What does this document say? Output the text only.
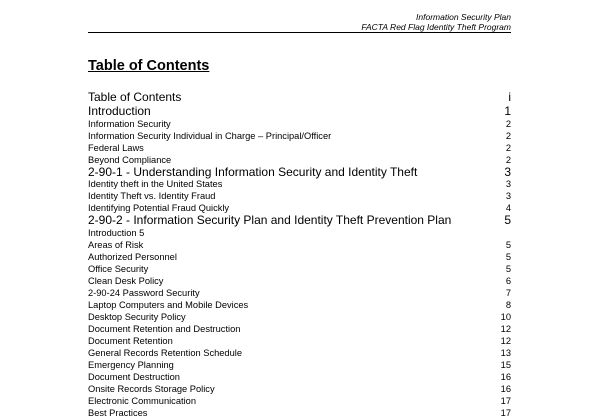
Information Security Plan
FACTA Red Flag Identity Theft Program
Table of Contents
Table of Contents	i
Introduction	1
Information Security	2
Information Security Individual in Charge – Principal/Officer	2
Federal Laws	2
Beyond Compliance	2
2-90-1 - Understanding Information Security and Identity Theft	3
Identity theft in the United States	3
Identity Theft vs. Identity Fraud	3
Identifying Potential Fraud Quickly	4
2-90-2 - Information Security Plan and Identity Theft Prevention Plan	5
Introduction 5
Areas of Risk	5
Authorized Personnel	5
Office Security	5
Clean Desk Policy	6
2-90-24 Password Security	7
Laptop Computers and Mobile Devices	8
Desktop Security Policy	10
Document Retention and Destruction	12
Document Retention	12
General Records Retention Schedule	13
Emergency Planning	15
Document Destruction	16
Onsite Records Storage Policy	16
Electronic Communication	17
Best Practices	17
